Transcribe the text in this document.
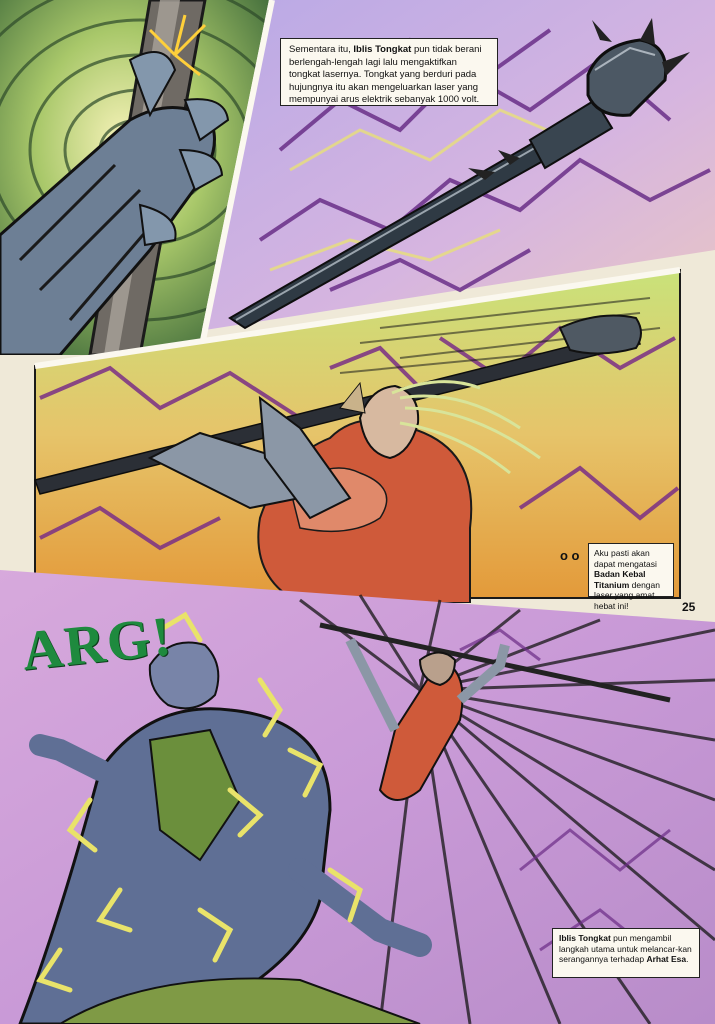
Sementara itu, Iblis Tongkat pun tidak berani berlengah-lengah lagi lalu mengaktifkan tongkat lasernya. Tongkat yang berduri pada hujungnya itu akan mengeluarkan laser yang mempunyai arus elektrik sebanyak 1000 volt.
Aku pasti akan dapat mengatasi Badan Kebal Titanium dengan laser yang amat hebat ini!
o o
Iblis Tongkat pun mengambil langkah utama untuk melancar-kan serangannya terhadap Arhat Esa.
ARG!	25
